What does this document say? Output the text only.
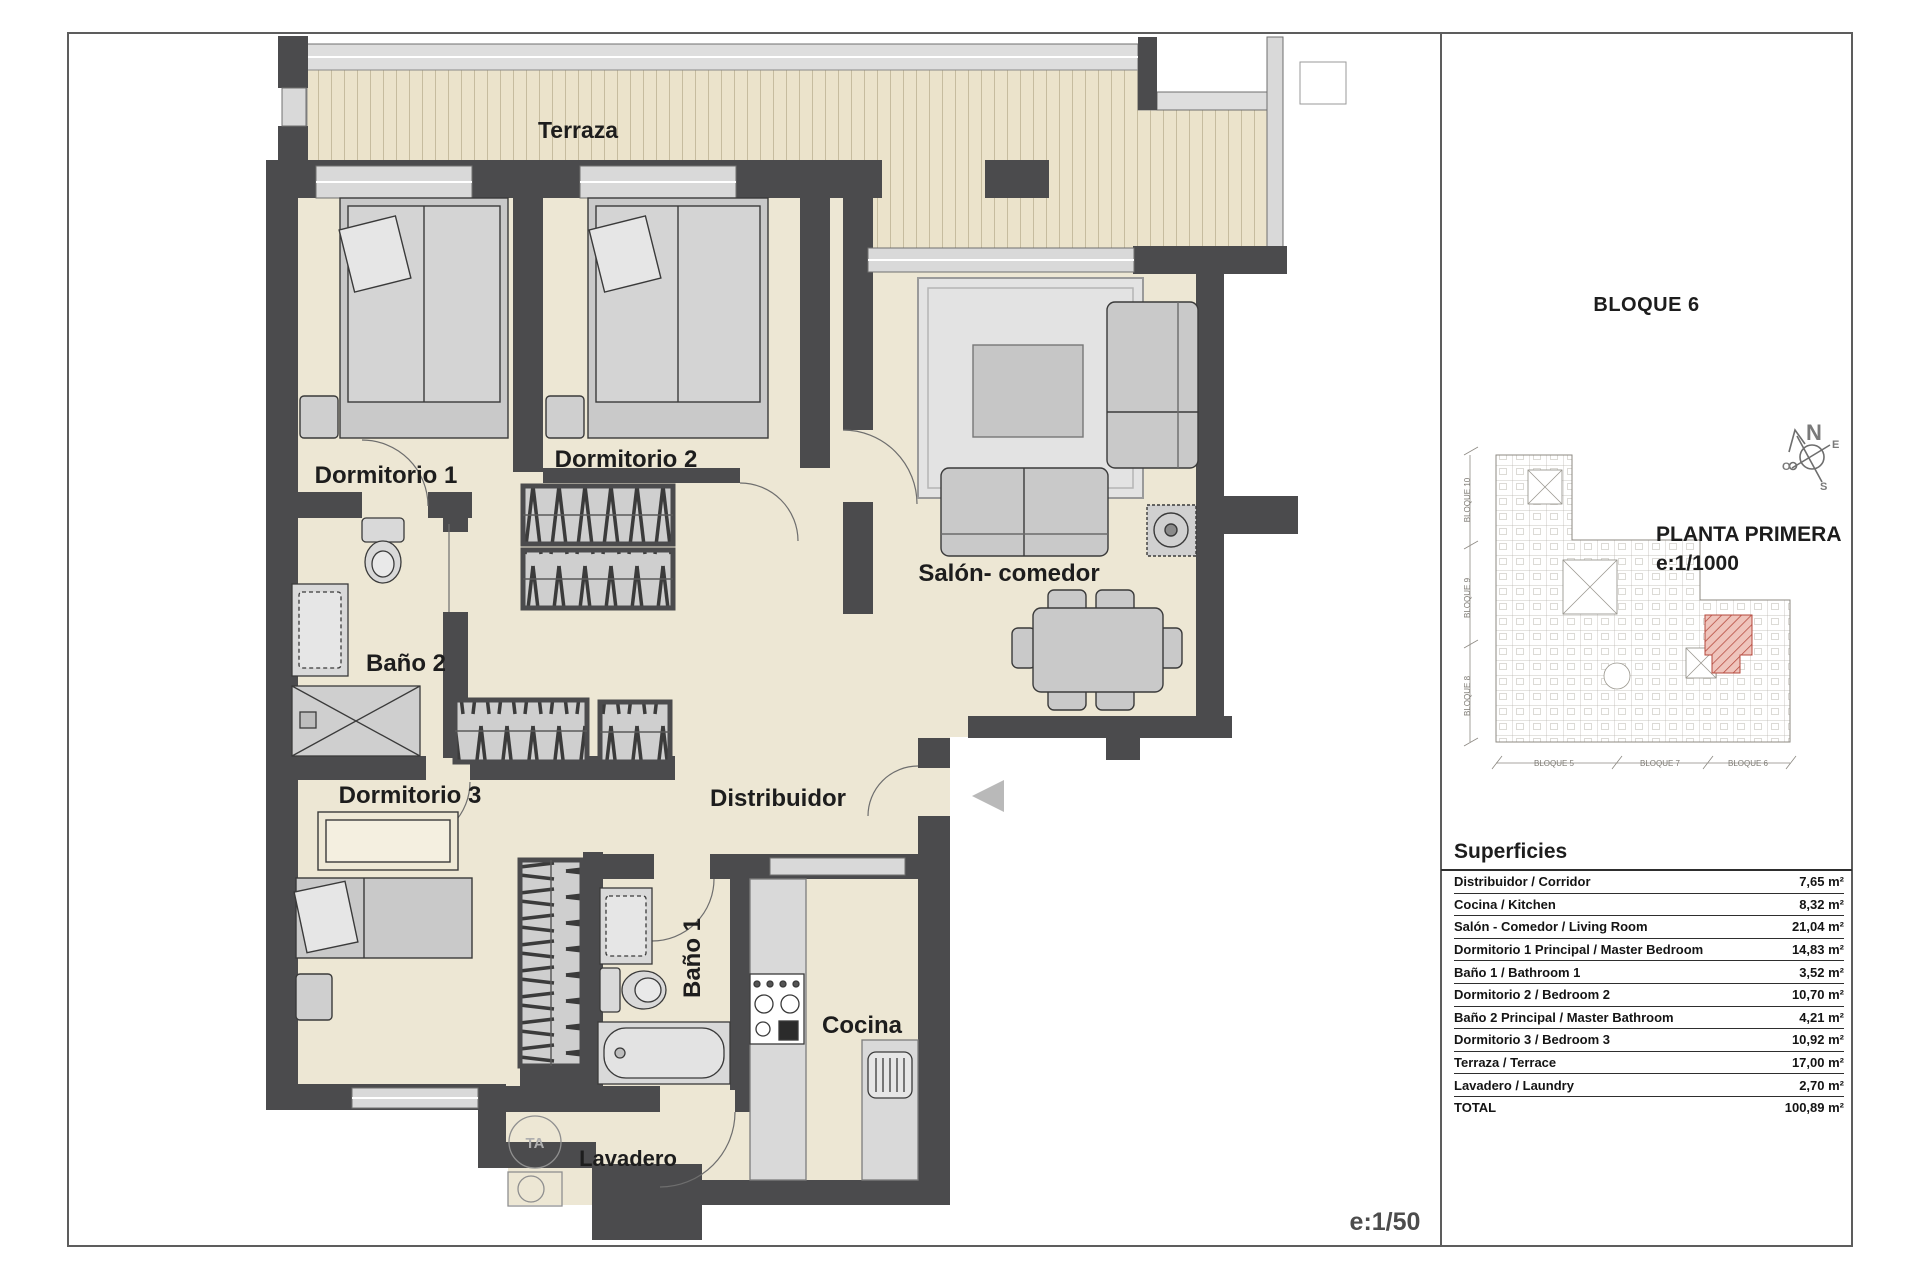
TA
Terraza
Dormitorio 1
Dormitorio 2
Salón- comedor
Baño 2
Dormitorio 3	Distribuidor
Baño 1
Cocina
Lavadero
e:1/50
N E
O
S
BLOQUE 10
BLOQUE 9
BLOQUE 8
BLOQUE 5	BLOQUE 7	BLOQUE 6
BLOQUE 6
PLANTA PRIMERA
e:1/1000
Superficies
Distribuidor / Corridor	7,65 m²
Cocina / Kitchen	8,32 m²
Salón - Comedor / Living Room	21,04 m²
Dormitorio 1 Principal / Master Bedroom	14,83 m²
Baño 1 / Bathroom 1	3,52 m²
Dormitorio 2 / Bedroom 2	10,70 m²
Baño 2 Principal / Master Bathroom	4,21 m²
Dormitorio 3 / Bedroom 3	10,92 m²
Terraza / Terrace	17,00 m²
Lavadero / Laundry	2,70 m²
TOTAL	100,89 m²
